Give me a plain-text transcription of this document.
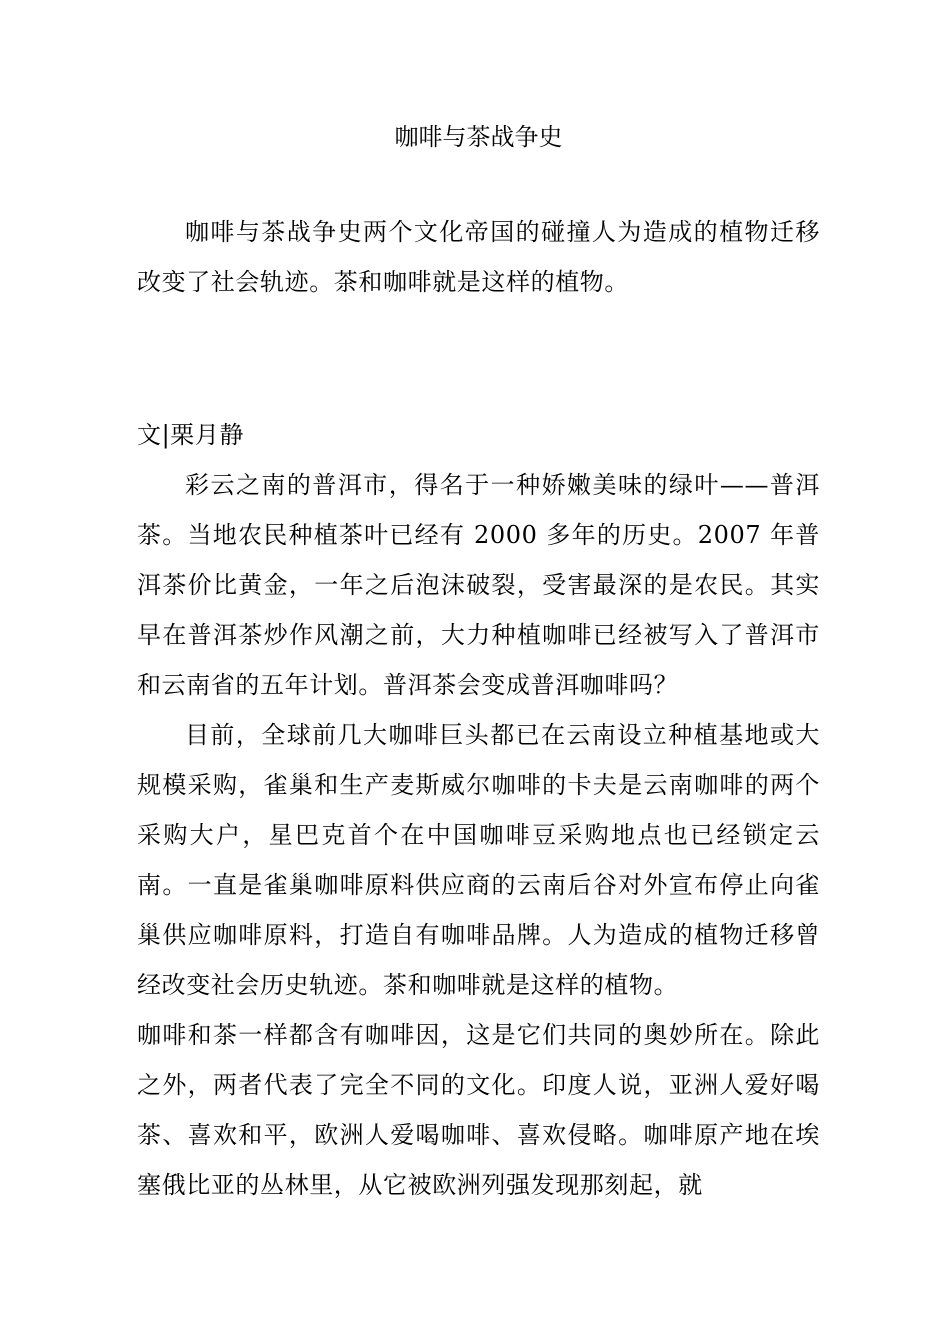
咖啡与茶战争史

咖啡与茶战争史两个文化帝国的碰撞人为造成的植物迁移改变了社会轨迹。茶和咖啡就是这样的植物。

文|栗月静

彩云之南的普洱市，得名于一种娇嫩美味的绿叶——普洱茶。当地农民种植茶叶已经有 2000 多年的历史。2007 年普洱茶价比黄金，一年之后泡沫破裂，受害最深的是农民。其实早在普洱茶炒作风潮之前，大力种植咖啡已经被写入了普洱市和云南省的五年计划。普洱茶会变成普洱咖啡吗？

目前，全球前几大咖啡巨头都已在云南设立种植基地或大规模采购，雀巢和生产麦斯威尔咖啡的卡夫是云南咖啡的两个采购大户，星巴克首个在中国咖啡豆采购地点也已经锁定云南。一直是雀巢咖啡原料供应商的云南后谷对外宣布停止向雀巢供应咖啡原料，打造自有咖啡品牌。人为造成的植物迁移曾经改变社会历史轨迹。茶和咖啡就是这样的植物。

咖啡和茶一样都含有咖啡因，这是它们共同的奥妙所在。除此之外，两者代表了完全不同的文化。印度人说，亚洲人爱好喝茶、喜欢和平，欧洲人爱喝咖啡、喜欢侵略。咖啡原产地在埃塞俄比亚的丛林里，从它被欧洲列强发现那刻起，就
